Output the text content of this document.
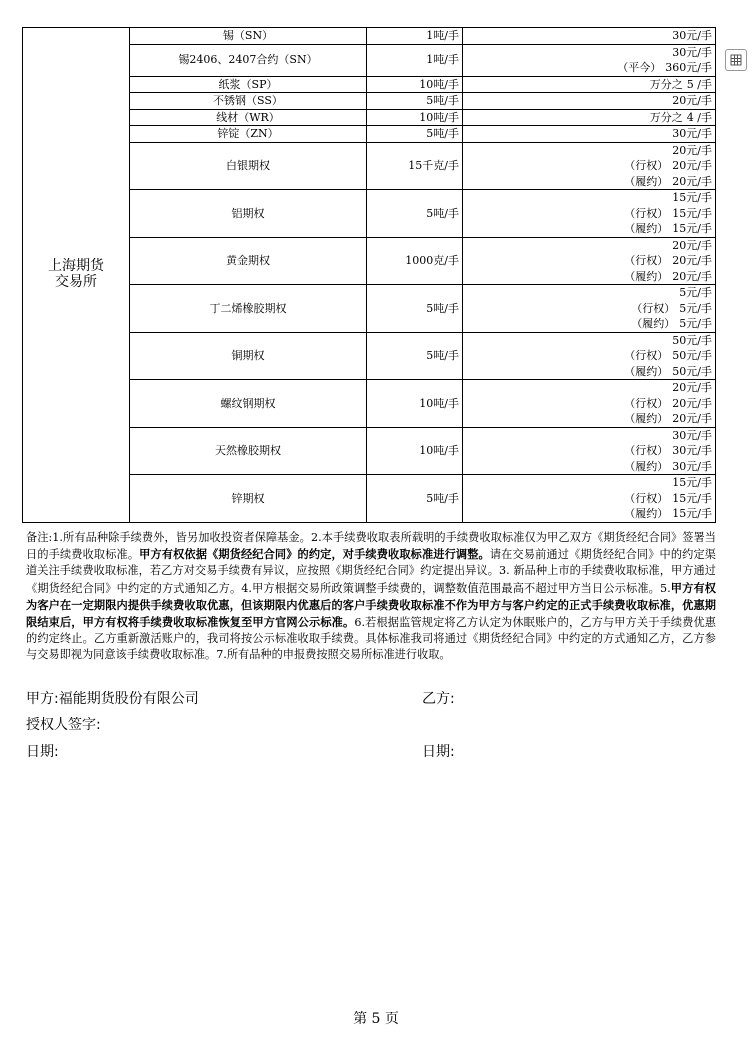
上海期货
交易所	锡（SN）	1吨/手	30元/手

	锡2406、2407合约（SN）	1吨/手	30元/手
（平今） 360元/手

	纸浆（SP）	10吨/手	万分之 5 /手

	不锈钢（SS）	5吨/手	20元/手

	线材（WR）	10吨/手	万分之 4 /手

	锌锭（ZN）	5吨/手	30元/手

	白银期权	15千克/手	20元/手
（行权） 20元/手
（履约） 20元/手

	铝期权	5吨/手	15元/手
（行权） 15元/手
（履约） 15元/手

	黄金期权	1000克/手	20元/手
（行权） 20元/手
（履约） 20元/手

	丁二烯橡胶期权	5吨/手	5元/手
（行权） 5元/手
（履约） 5元/手

	铜期权	5吨/手	50元/手
（行权） 50元/手
（履约） 50元/手

	螺纹钢期权	10吨/手	20元/手
（行权） 20元/手
（履约） 20元/手

	天然橡胶期权	10吨/手	30元/手
（行权） 30元/手
（履约） 30元/手

	锌期权	5吨/手	15元/手
（行权） 15元/手
（履约） 15元/手
备注:1.所有品种除手续费外，皆另加收投资者保障基金。2.本手续费收取表所载明的手续费收取标准仅为甲乙双方《期货经纪合同》签署当日的手续费收取标准。甲方有权依据《期货经纪合同》的约定，对手续费收取标准进行调整。请在交易前通过《期货经纪合同》中的约定渠道关注手续费收取标准，若乙方对交易手续费有异议，应按照《期货经纪合同》约定提出异议。3. 新品种上市的手续费收取标准，甲方通过《期货经纪合同》中约定的方式通知乙方。4.甲方根据交易所政策调整手续费的，调整数值范围最高不超过甲方当日公示标准。5.甲方有权为客户在一定期限内提供手续费收取优惠，但该期限内优惠后的客户手续费收取标准不作为甲方与客户约定的正式手续费收取标准，优惠期限结束后，甲方有权将手续费收取标准恢复至甲方官网公示标准。6.若根据监管规定将乙方认定为休眠账户的，乙方与甲方关于手续费优惠的约定终止。乙方重新激活账户的，我司将按公示标准收取手续费。具体标准我司将通过《期货经纪合同》中约定的方式通知乙方，乙方参与交易即视为同意该手续费收取标准。7.所有品种的申报费按照交易所标准进行收取。
甲方:福能期货股份有限公司	乙方:
授权人签字:
日期:	日期:
第 5 页
